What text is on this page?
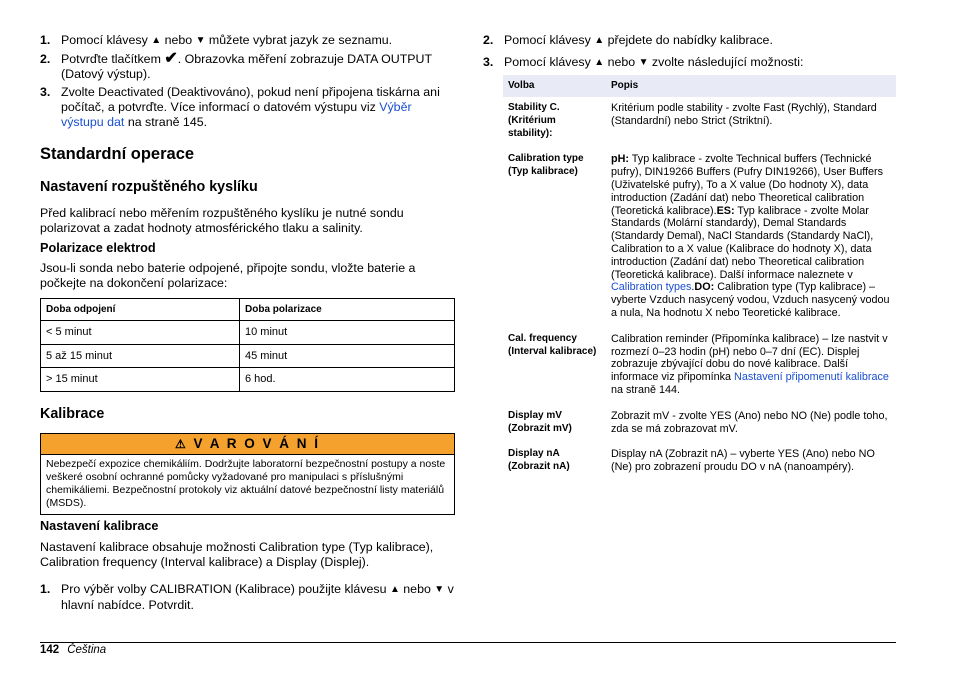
1. Pomocí klávesy ▲ nebo ▼ můžete vybrat jazyk ze seznamu.
2. Potvrďte tlačítkem ✔. Obrazovka měření zobrazuje DATA OUTPUT (Datový výstup).
3. Zvolte Deactivated (Deaktivováno), pokud není připojena tiskárna ani počítač, a potvrďte. Více informací o datovém výstupu viz Výběr výstupu dat na straně 145.
Standardní operace
Nastavení rozpuštěného kyslíku

Před kalibrací nebo měřením rozpuštěného kyslíku je nutné sondu polarizovat a zadat hodnoty atmosférického tlaku a salinity.

Polarizace elektrod

Jsou-li sonda nebo baterie odpojené, připojte sondu, vložte baterie a počkejte na dokončení polarizace:

Doba odpojení	Doba polarizace
< 5 minut	10 minut
5 až 15 minut	45 minut
> 15 minut	6 hod.
Kalibrace
⚠ V A R O V Á N Í
Nebezpečí expozice chemikáliím. Dodržujte laboratorní bezpečnostní postupy a noste veškeré osobní ochranné pomůcky vyžadované pro manipulaci s příslušnými chemikáliemi. Bezpečnostní protokoly viz aktuální datové bezpečnostní listy materiálů (MSDS).
Nastavení kalibrace

Nastavení kalibrace obsahuje možnosti Calibration type (Typ kalibrace), Calibration frequency (Interval kalibrace) a Display (Displej).

1. Pro výběr volby CALIBRATION (Kalibrace) použijte klávesu ▲ nebo ▼ v hlavní nabídce. Potvrdit.
2. Pomocí klávesy ▲ přejdete do nabídky kalibrace.
3. Pomocí klávesy ▲ nebo ▼ zvolte následující možnosti:
Volba	Popis
Stability C. (Kritérium stability):	Kritérium podle stability - zvolte Fast (Rychlý), Standard (Standardní) nebo Strict (Striktní).
Calibration type (Typ kalibrace)	pH: Typ kalibrace - zvolte Technical buffers (Technické pufry), DIN19266 Buffers (Pufry DIN19266), User Buffers (Uživatelské pufry), To a X value (Do hodnoty X), data introduction (Zadání dat) nebo Theoretical calibration (Teoretická kalibrace).ES: Typ kalibrace - zvolte Molar Standards (Molární standardy), Demal Standards (Standardy Demal), NaCl Standards (Standardy NaCl), Calibration to a X value (Kalibrace do hodnoty X), data introduction (Zadání dat) nebo Theoretical calibration (Teoretická kalibrace). Další informace naleznete v Calibration types.DO: Calibration type (Typ kalibrace) – vyberte Vzduch nasycený vodou, Vzduch nasycený vodou a nula, Na hodnotu X nebo Teoretické kalibrace.
Cal. frequency (Interval kalibrace)	Calibration reminder (Připomínka kalibrace) – lze nastvit v rozmezí 0–23 hodin (pH) nebo 0–7 dní (EC). Displej zobrazuje zbývající dobu do nové kalibrace. Další informace viz připomínka Nastavení připomenutí kalibrace na straně 144.
Display mV (Zobrazit mV)	Zobrazit mV - zvolte YES (Ano) nebo NO (Ne) podle toho, zda se má zobrazovat mV.
Display nA (Zobrazit nA)	Display nA (Zobrazit nA) – vyberte YES (Ano) nebo NO (Ne) pro zobrazení proudu DO v nA (nanoampéry).
142 Čeština
